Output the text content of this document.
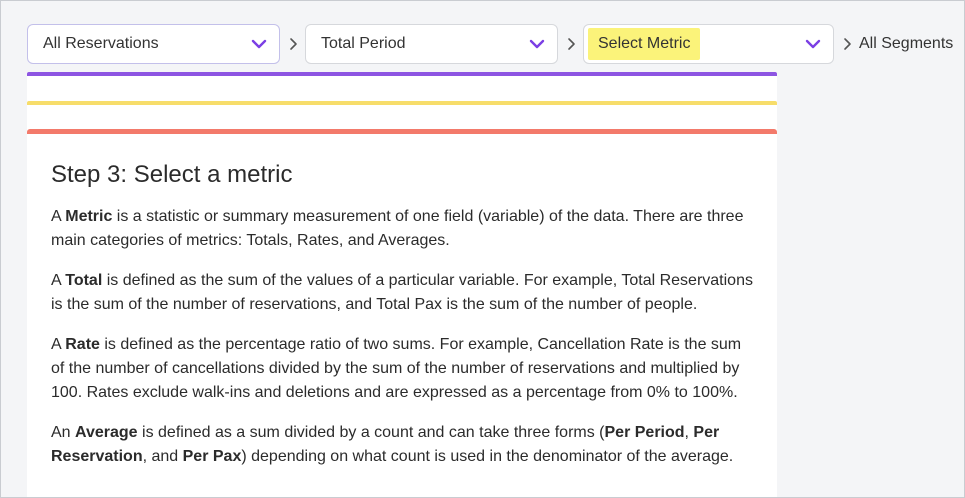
All Reservations	Total Period	Select Metric	All Segments
Step 3: Select a metric

A Metric is a statistic or summary measurement of one field (variable) of the data. There are three main categories of metrics: Totals, Rates, and Averages.

A Total is defined as the sum of the values of a particular variable. For example, Total Reservations is the sum of the number of reservations, and Total Pax is the sum of the number of people.

A Rate is defined as the percentage ratio of two sums. For example, Cancellation Rate is the sum of the number of cancellations divided by the sum of the number of reservations and multiplied by 100. Rates exclude walk-ins and deletions and are expressed as a percentage from 0% to 100%.

An Average is defined as a sum divided by a count and can take three forms (Per Period, Per Reservation, and Per Pax) depending on what count is used in the denominator of the average.
